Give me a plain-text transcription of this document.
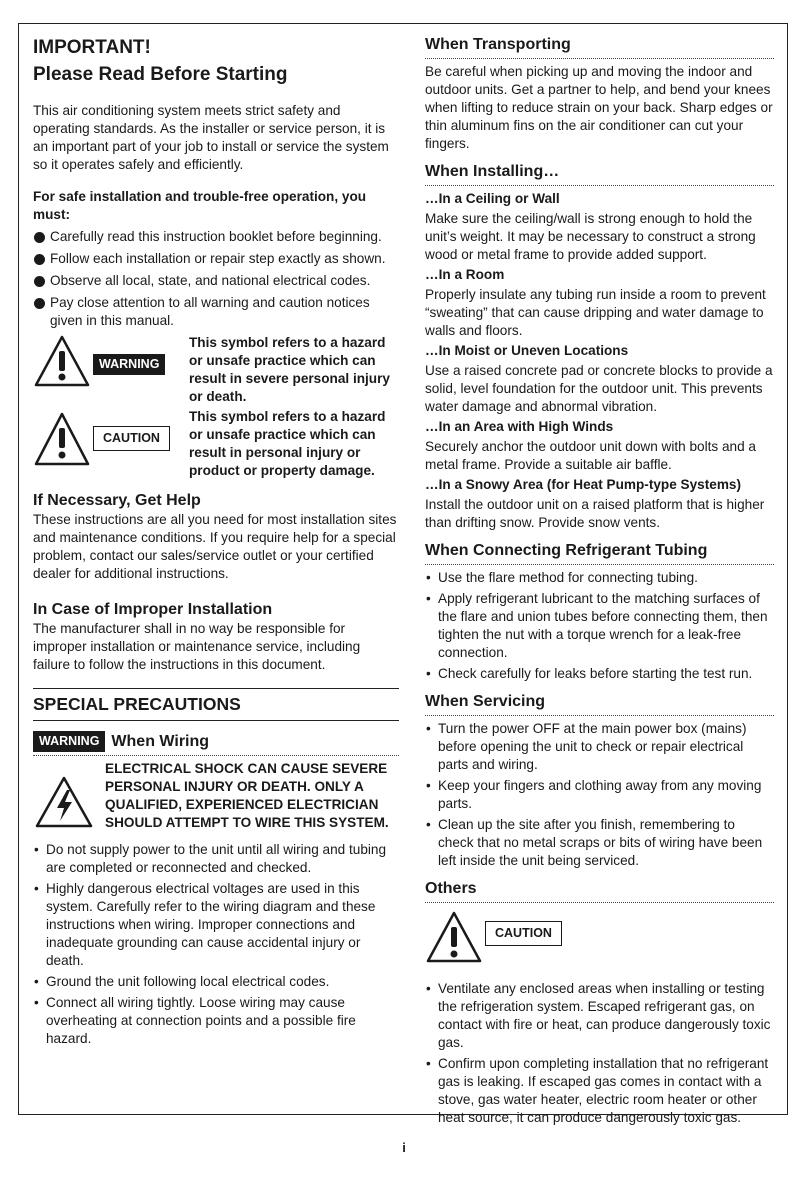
IMPORTANT!
Please Read Before Starting

This air conditioning system meets strict safety and operating standards. As the installer or service person, it is an important part of your job to install or service the system so it operates safely and efficiently.

For safe installation and trouble-free operation, you must:

Carefully read this instruction booklet before beginning.
Follow each installation or repair step exactly as shown.
Observe all local, state, and national electrical codes.
Pay close attention to all warning and caution notices given in this manual.
WARNING
This symbol refers to a hazard or unsafe practice which can result in severe personal injury or death.
CAUTION
This symbol refers to a hazard or unsafe practice which can result in personal injury or product or property damage.
If Necessary, Get Help

These instructions are all you need for most installation sites and maintenance conditions. If you require help for a special problem, contact our sales/service outlet or your certified dealer for additional instructions.

In Case of Improper Installation

The manufacturer shall in no way be responsible for improper installation or maintenance service, including failure to follow the instructions in this document.

SPECIAL PRECAUTIONS
WARNING When Wiring
ELECTRICAL SHOCK CAN CAUSE SEVERE PERSONAL INJURY OR DEATH. ONLY A QUALIFIED, EXPERIENCED ELECTRICIAN SHOULD ATTEMPT TO WIRE THIS SYSTEM.
• Do not supply power to the unit until all wiring and tubing are completed or reconnected and checked.
• Highly dangerous electrical voltages are used in this system. Carefully refer to the wiring diagram and these instructions when wiring. Improper connections and inadequate grounding can cause accidental injury or death.
• Ground the unit following local electrical codes.
• Connect all wiring tightly. Loose wiring may cause overheating at connection points and a possible fire hazard.
When Transporting

Be careful when picking up and moving the indoor and outdoor units. Get a partner to help, and bend your knees when lifting to reduce strain on your back. Sharp edges or thin aluminum fins on the air conditioner can cut your fingers.

When Installing…
…In a Ceiling or Wall

Make sure the ceiling/wall is strong enough to hold the unit’s weight. It may be necessary to construct a strong wood or metal frame to provide added support.

…In a Room

Properly insulate any tubing run inside a room to prevent “sweating” that can cause dripping and water damage to walls and floors.

…In Moist or Uneven Locations

Use a raised concrete pad or concrete blocks to provide a solid, level foundation for the outdoor unit. This prevents water damage and abnormal vibration.

…In an Area with High Winds

Securely anchor the outdoor unit down with bolts and a metal frame. Provide a suitable air baffle.

…In a Snowy Area (for Heat Pump-type Systems)

Install the outdoor unit on a raised platform that is higher than drifting snow. Provide snow vents.

When Connecting Refrigerant Tubing
• Use the flare method for connecting tubing.
• Apply refrigerant lubricant to the matching surfaces of the flare and union tubes before connecting them, then tighten the nut with a torque wrench for a leak-free connection.
• Check carefully for leaks before starting the test run.
When Servicing
• Turn the power OFF at the main power box (mains) before opening the unit to check or repair electrical parts and wiring.
• Keep your fingers and clothing away from any moving parts.
• Clean up the site after you finish, remembering to check that no metal scraps or bits of wiring have been left inside the unit being serviced.
Others
CAUTION
• Ventilate any enclosed areas when installing or testing the refrigeration system. Escaped refrigerant gas, on contact with fire or heat, can produce dangerously toxic gas.
• Confirm upon completing installation that no refrigerant gas is leaking. If escaped gas comes in contact with a stove, gas water heater, electric room heater or other heat source, it can produce dangerously toxic gas.
i
